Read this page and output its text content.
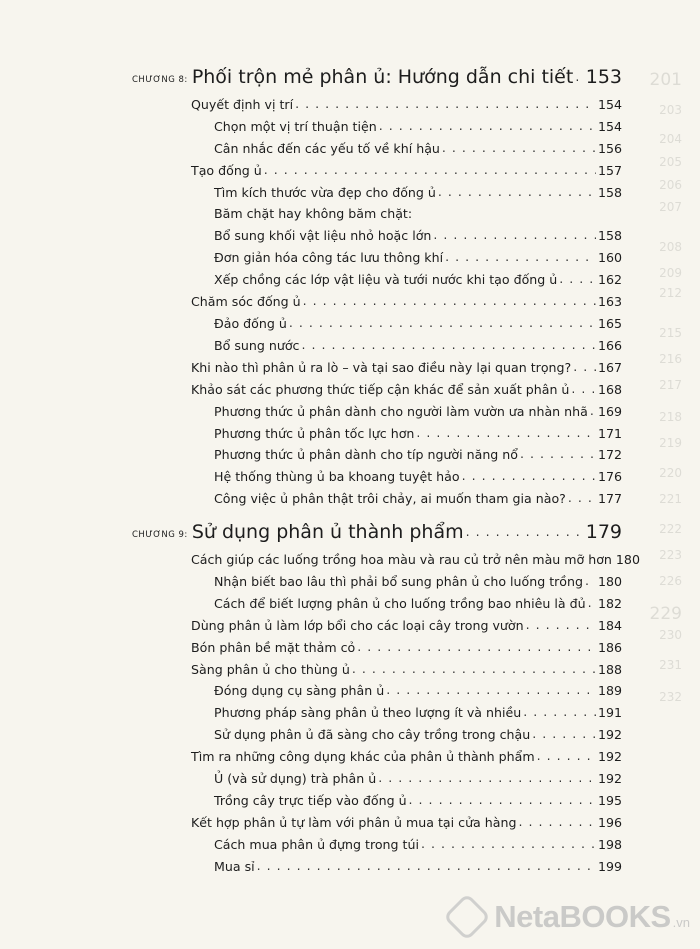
201
203
204
205
206
207
208
209
212
215
216
217
218
219
220
221
222
223
226
229
230
231
232
CHƯƠNG 8: Phối trộn mẻ phân ủ: Hướng dẫn chi tiết . . . 153
Quyết định vị trí . . .	154
Chọn một vị trí thuận tiện . . .	154
Cân nhắc đến các yếu tố về khí hậu . . .	156
Tạo đống ủ . . .	157
Tìm kích thước vừa đẹp cho đống ủ . . .	158
Băm chặt hay không băm chặt:
Bổ sung khối vật liệu nhỏ hoặc lớn . . .	158
Đơn giản hóa công tác lưu thông khí . . .	160
Xếp chồng các lớp vật liệu và tưới nước khi tạo đống ủ . . .	162
Chăm sóc đống ủ . . .	163
Đảo đống ủ . . .	165
Bổ sung nước . . .	166
Khi nào thì phân ủ ra lò – và tại sao điều này lại quan trọng? . . . 167
Khảo sát các phương thức tiếp cận khác để sản xuất phân ủ . . . 168
Phương thức ủ phân dành cho người làm vườn ưa nhàn nhã . . . 169
Phương thức ủ phân tốc lực hơn . . .	171
Phương thức ủ phân dành cho típ người năng nổ . . .	172
Hệ thống thùng ủ ba khoang tuyệt hảo . . .	176
Công việc ủ phân thật trôi chảy, ai muốn tham gia nào? . . .	177
CHƯƠNG 9: Sử dụng phân ủ thành phẩm . . .	179
Cách giúp các luống trồng hoa màu và rau củ trở nên màu mỡ hơn 180
Nhận biết bao lâu thì phải bổ sung phân ủ cho luống trồng . . . 180
Cách để biết lượng phân ủ cho luống trồng bao nhiêu là đủ . . . 182
Dùng phân ủ làm lớp bổi cho các loại cây trong vườn . . .	184
Bón phân bề mặt thảm cỏ . . .	186
Sàng phân ủ cho thùng ủ . . .	188
Đóng dụng cụ sàng phân ủ . . .	189
Phương pháp sàng phân ủ theo lượng ít và nhiều . . .	191
Sử dụng phân ủ đã sàng cho cây trồng trong chậu . . .	192
Tìm ra những công dụng khác của phân ủ thành phẩm . . .	192
Ủ (và sử dụng) trà phân ủ . . .	192
Trồng cây trực tiếp vào đống ủ . . .	195
Kết hợp phân ủ tự làm với phân ủ mua tại cửa hàng . . .	196
Cách mua phân ủ đựng trong túi . . .	198
Mua sỉ . . .	199
NetaBOOKS .vn
